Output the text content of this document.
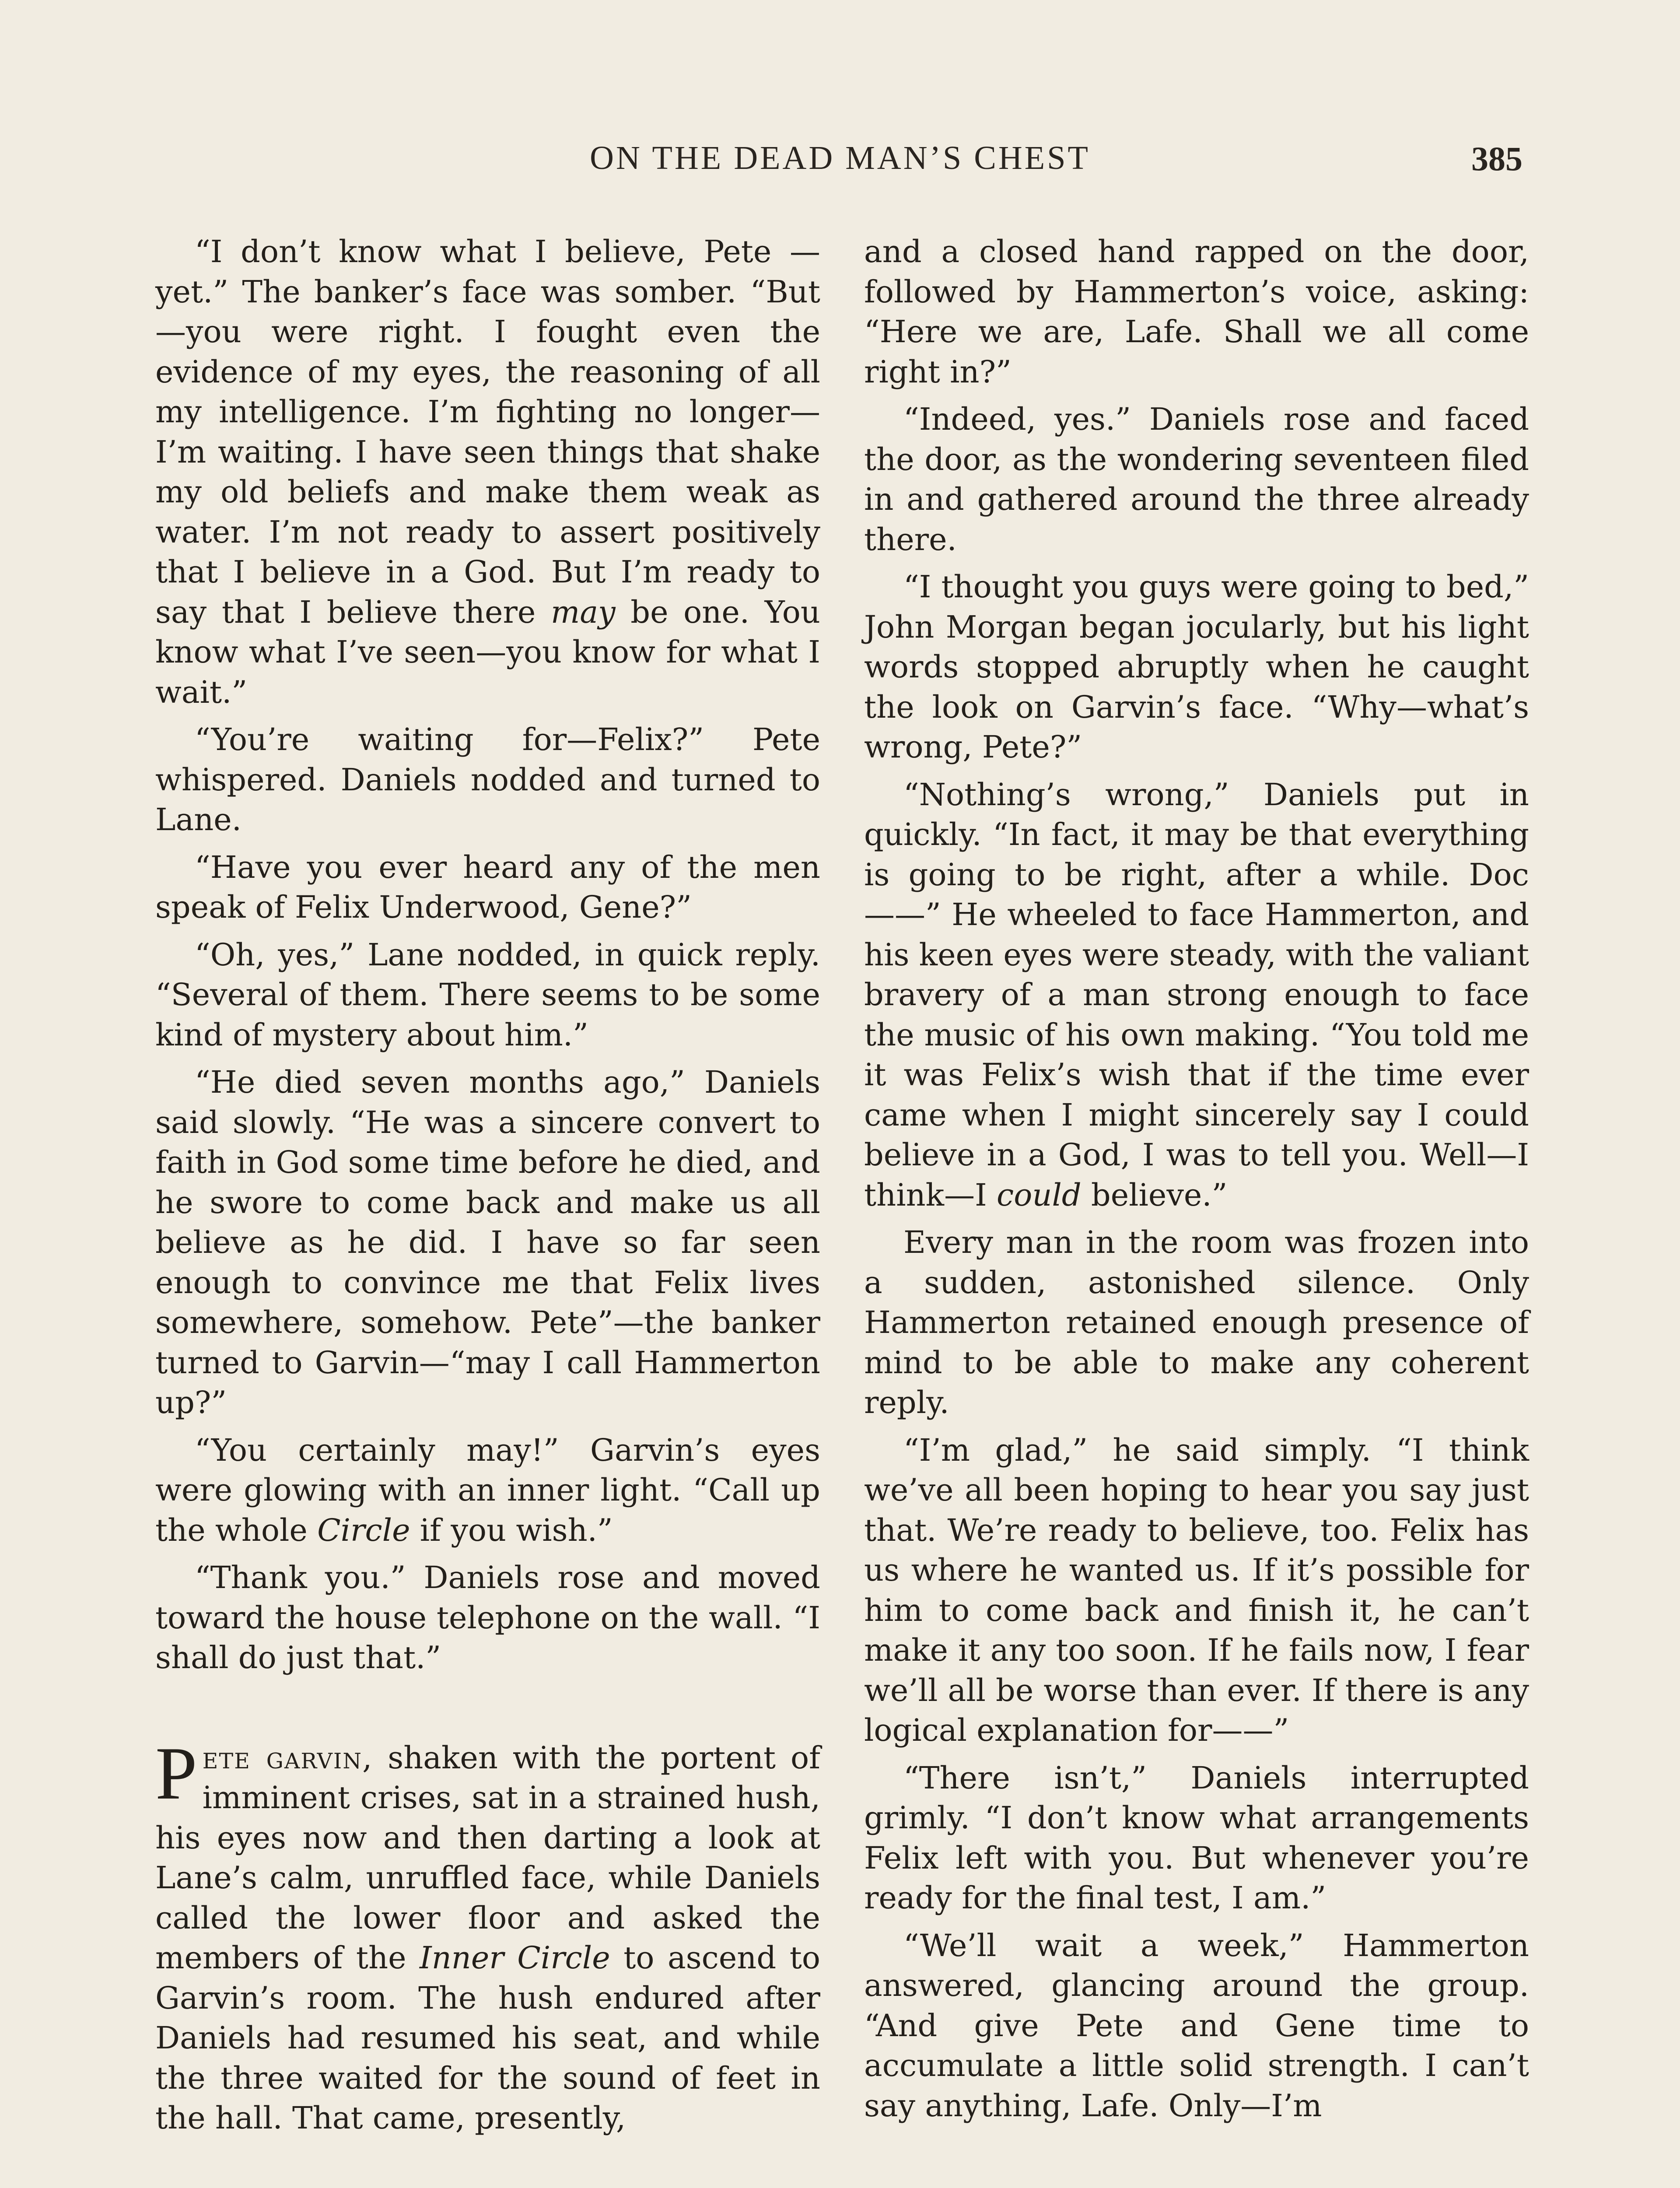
ON THE DEAD MAN’S CHEST	385

“I don’t know what I believe, Pete —yet.” The banker’s face was somber. “But—you were right. I fought even the evidence of my eyes, the reasoning of all my intelligence. I’m fighting no longer—I’m waiting. I have seen things that shake my old beliefs and make them weak as water. I’m not ready to assert positively that I believe in a God. But I’m ready to say that I believe there may be one. You know what I’ve seen—you know for what I wait.”

“You’re waiting for—Felix?” Pete whispered. Daniels nodded and turned to Lane.

“Have you ever heard any of the men speak of Felix Underwood, Gene?”

“Oh, yes,” Lane nodded, in quick reply. “Several of them. There seems to be some kind of mystery about him.”

“He died seven months ago,” Daniels said slowly. “He was a sincere convert to faith in God some time before he died, and he swore to come back and make us all believe as he did. I have so far seen enough to convince me that Felix lives somewhere, somehow. Pete”—the banker turned to Garvin—“may I call Hammerton up?”

“You certainly may!” Garvin’s eyes were glowing with an inner light. “Call up the whole Circle if you wish.”

“Thank you.” Daniels rose and moved toward the house telephone on the wall. “I shall do just that.”

Pete garvin, shaken with the portent of imminent crises, sat in a strained hush, his eyes now and then darting a look at Lane’s calm, unruffled face, while Daniels called the lower floor and asked the members of the Inner Circle to ascend to Garvin’s room. The hush endured after Daniels had resumed his seat, and while the three waited for the sound of feet in the hall. That came, presently,

and a closed hand rapped on the door, followed by Hammerton’s voice, asking: “Here we are, Lafe. Shall we all come right in?”

“Indeed, yes.” Daniels rose and faced the door, as the wondering seventeen filed in and gathered around the three already there.

“I thought you guys were going to bed,” John Morgan began jocularly, but his light words stopped abruptly when he caught the look on Garvin’s face. “Why—what’s wrong, Pete?”

“Nothing’s wrong,” Daniels put in quickly. “In fact, it may be that everything is going to be right, after a while. Doc——” He wheeled to face Hammerton, and his keen eyes were steady, with the valiant bravery of a man strong enough to face the music of his own making. “You told me it was Felix’s wish that if the time ever came when I might sincerely say I could believe in a God, I was to tell you. Well—I think—I could believe.”

Every man in the room was frozen into a sudden, astonished silence. Only Hammerton retained enough presence of mind to be able to make any coherent reply.

“I’m glad,” he said simply. “I think we’ve all been hoping to hear you say just that. We’re ready to believe, too. Felix has us where he wanted us. If it’s possible for him to come back and finish it, he can’t make it any too soon. If he fails now, I fear we’ll all be worse than ever. If there is any logical explanation for——”

“There isn’t,” Daniels interrupted grimly. “I don’t know what arrangements Felix left with you. But whenever you’re ready for the final test, I am.”

“We’ll wait a week,” Hammerton answered, glancing around the group. “And give Pete and Gene time to accumulate a little solid strength. I can’t say anything, Lafe. Only—I’m
